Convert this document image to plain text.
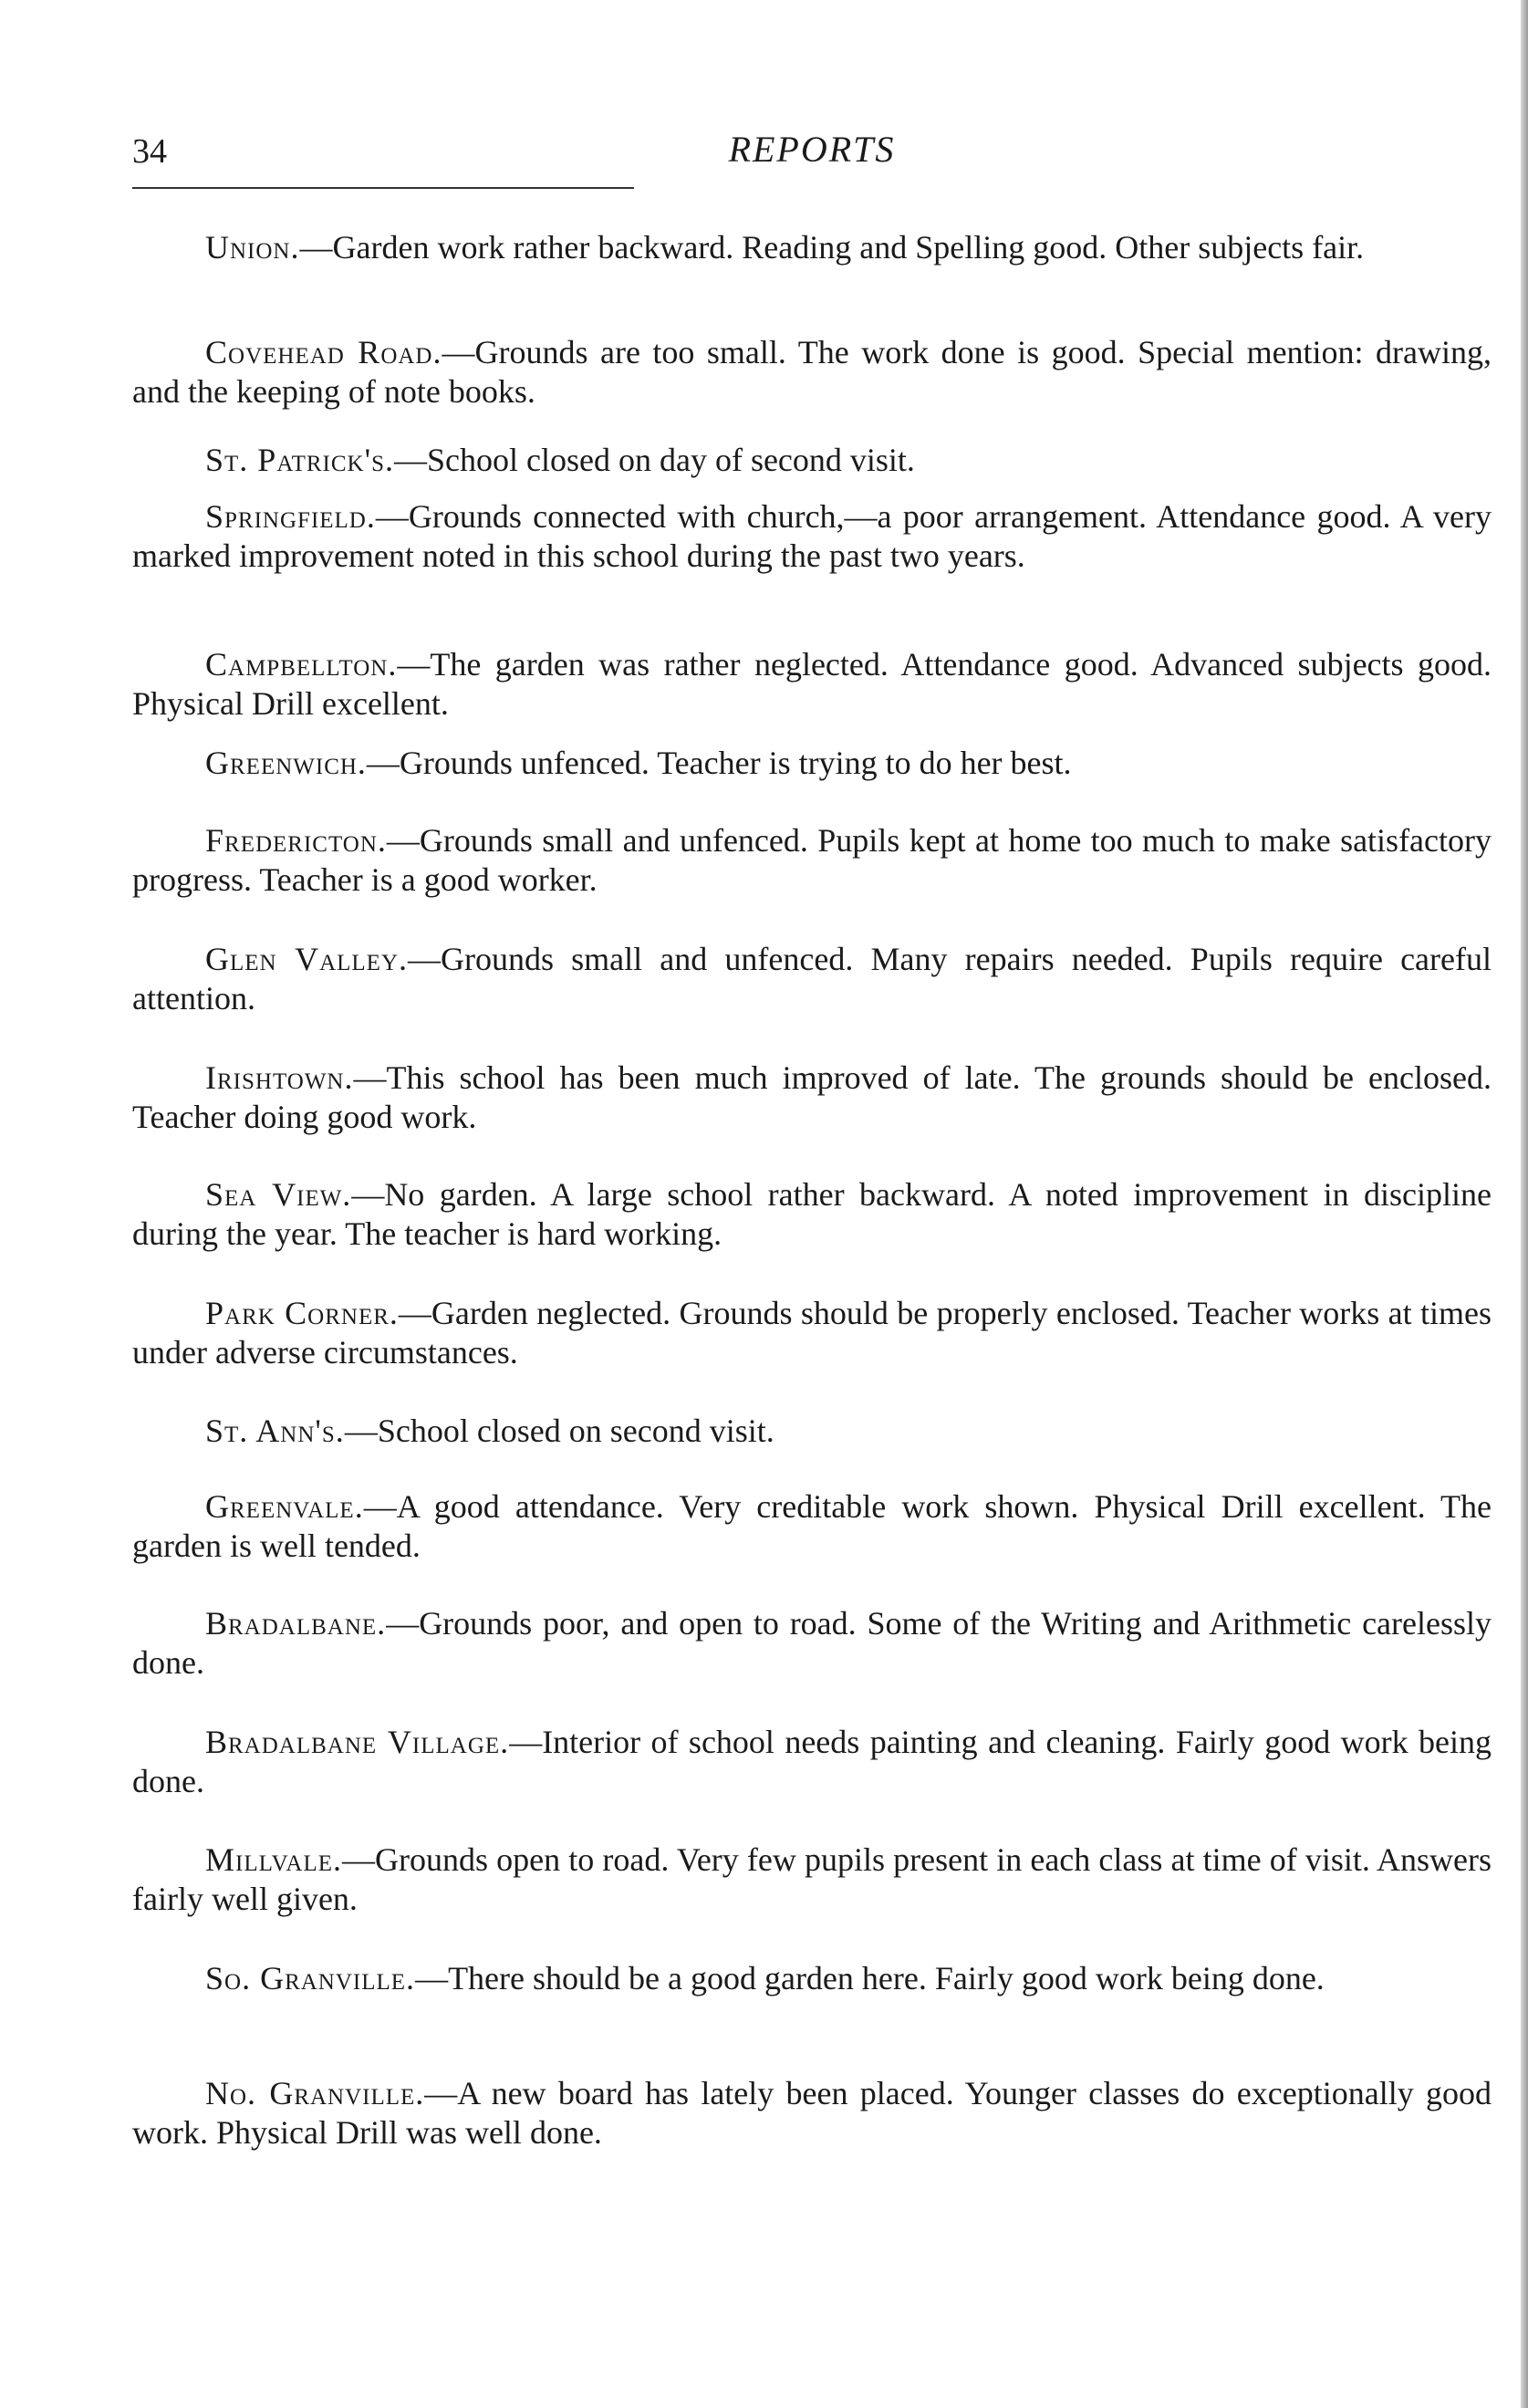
34	REPORTS

Union.—Garden work rather backward. Reading and Spelling good. Other subjects fair.

Covehead Road.—Grounds are too small. The work done is good. Special mention: drawing, and the keeping of note books.

St. Patrick's.—School closed on day of second visit.

Springfield.—Grounds connected with church,—a poor arrangement. Attendance good. A very marked improvement noted in this school during the past two years.

Campbellton.—The garden was rather neglected. Attendance good. Advanced subjects good. Physical Drill excellent.

Greenwich.—Grounds unfenced. Teacher is trying to do her best.

Fredericton.—Grounds small and unfenced. Pupils kept at home too much to make satisfactory progress. Teacher is a good worker.

Glen Valley.—Grounds small and unfenced. Many repairs needed. Pupils require careful attention.

Irishtown.—This school has been much improved of late. The grounds should be enclosed. Teacher doing good work.

Sea View.—No garden. A large school rather backward. A noted improvement in discipline during the year. The teacher is hard working.

Park Corner.—Garden neglected. Grounds should be properly enclosed. Teacher works at times under adverse circumstances.

St. Ann's.—School closed on second visit.

Greenvale.—A good attendance. Very creditable work shown. Physical Drill excellent. The garden is well tended.

Bradalbane.—Grounds poor, and open to road. Some of the Writing and Arithmetic carelessly done.

Bradalbane Village.—Interior of school needs painting and cleaning. Fairly good work being done.

Millvale.—Grounds open to road. Very few pupils present in each class at time of visit. Answers fairly well given.

So. Granville.—There should be a good garden here. Fairly good work being done.

No. Granville.—A new board has lately been placed. Younger classes do exceptionally good work. Physical Drill was well done.
